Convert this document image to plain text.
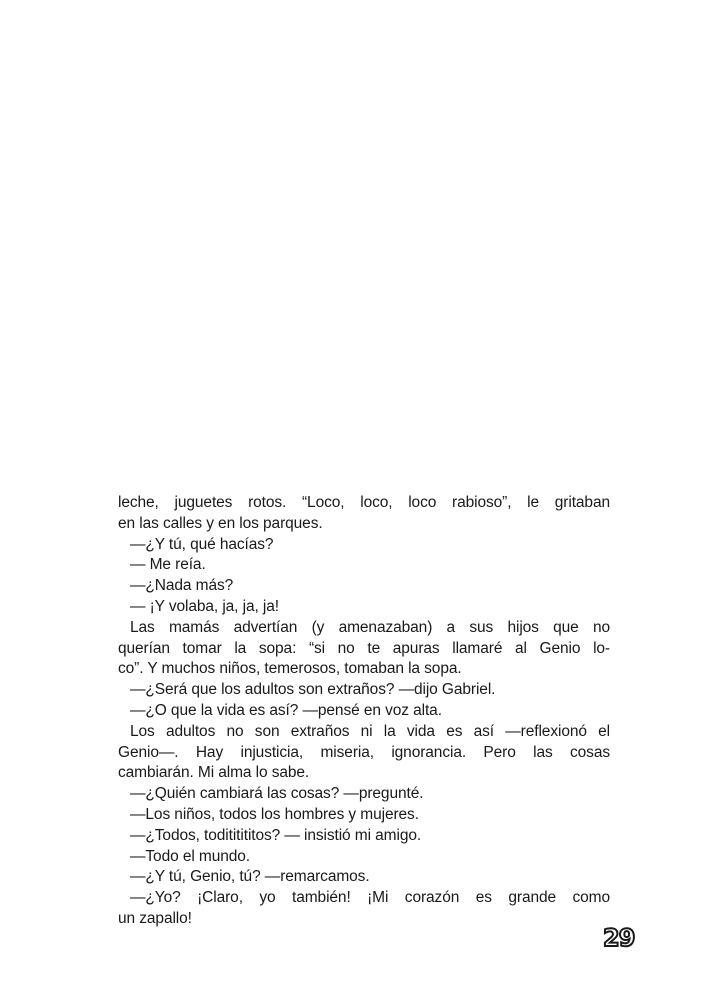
leche, juguetes rotos. “Loco, loco, loco rabioso”, le gritaban
en las calles y en los parques.
—¿Y tú, qué hacías?
— Me reía.
—¿Nada más?
— ¡Y volaba, ja, ja, ja!
Las mamás advertían (y amenazaban) a sus hijos que no
querían tomar la sopa: “si no te apuras llamaré al Genio lo-
co”. Y muchos niños, temerosos, tomaban la sopa.
—¿Será que los adultos son extraños? —dijo Gabriel.
—¿O que la vida es así? —pensé en voz alta.
Los adultos no son extraños ni la vida es así —reflexionó el
Genio—. Hay injusticia, miseria, ignorancia. Pero las cosas
cambiarán. Mi alma lo sabe.
—¿Quién cambiará las cosas? —pregunté.
—Los niños, todos los hombres y mujeres.
—¿Todos, todititititos? — insistió mi amigo.
—Todo el mundo.
—¿Y tú, Genio, tú? —remarcamos.
—¿Yo? ¡Claro, yo también! ¡Mi corazón es grande como
un zapallo!
29
